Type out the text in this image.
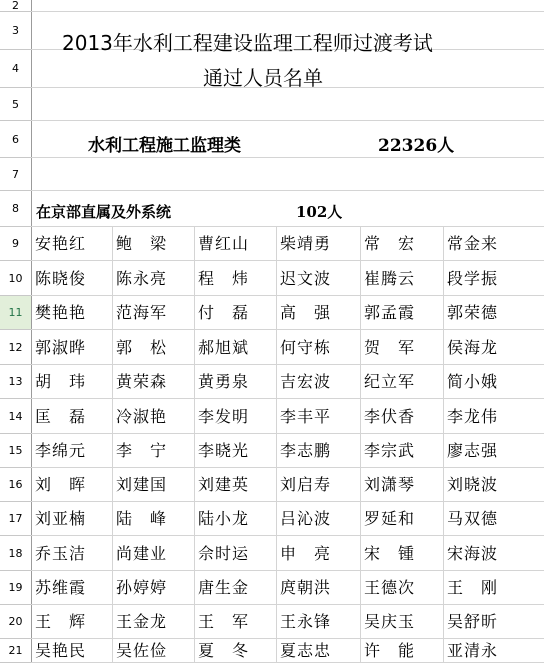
2
3
4
5
6
7
8
9
10
11
12
13
14
15
16
17
18
19
20
21
2013年水利工程建设监理工程师过渡考试
通过人员名单
水利工程施工监理类	22326人
在京部直属及外系统	102人
安艳红 鲍　梁 曹红山 柴靖勇 常　宏 常金来
陈晓俊 陈永亮 程　炜 迟文波 崔腾云 段学振
樊艳艳 范海军 付　磊 高　强 郭孟霞 郭荣德
郭淑晔 郭　松 郝旭斌 何守栋 贺　军 侯海龙
胡　玮 黄荣森 黄勇泉 吉宏波 纪立军 简小娥
匡　磊 冷淑艳 李发明 李丰平 李伏香 李龙伟
李绵元 李　宁 李晓光 李志鹏 李宗武 廖志强
刘　晖 刘建国 刘建英 刘启寿 刘潇琴 刘晓波
刘亚楠 陆　峰 陆小龙 吕沁波 罗延和 马双德
乔玉洁 尚建业 佘时运 申　亮 宋　锺 宋海波
苏维霞 孙婷婷 唐生金 庹朝洪 王德次 王　刚
王　辉 王金龙 王　军 王永锋 吴庆玉 吴舒昕
吴艳民 吴佐俭 夏　冬 夏志忠 许　能 亚清永
